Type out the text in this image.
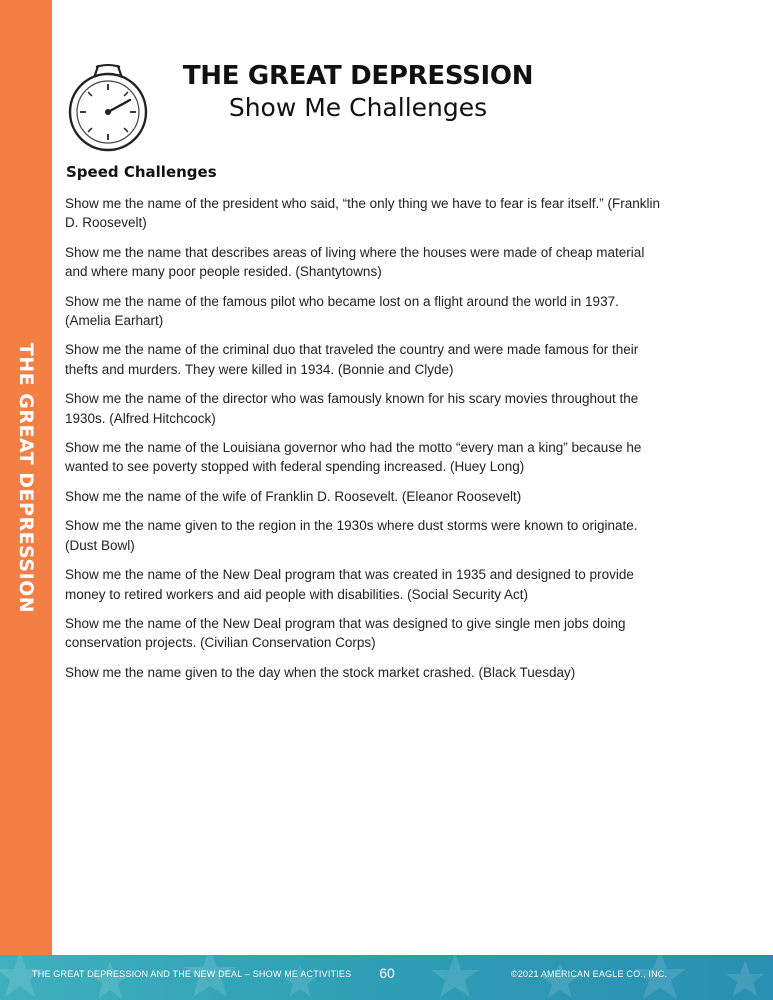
THE GREAT DEPRESSION
THE GREAT DEPRESSION
Show Me Challenges
Speed Challenges
Show me the name of the president who said, “the only thing we have to fear is fear itself.” (Franklin D. Roosevelt)
Show me the name that describes areas of living where the houses were made of cheap material and where many poor people resided. (Shantytowns)
Show me the name of the famous pilot who became lost on a flight around the world in 1937. (Amelia Earhart)
Show me the name of the criminal duo that traveled the country and were made famous for their thefts and murders. They were killed in 1934. (Bonnie and Clyde)
Show me the name of the director who was famously known for his scary movies throughout the 1930s. (Alfred Hitchcock)
Show me the name of the Louisiana governor who had the motto “every man a king” because he wanted to see poverty stopped with federal spending increased. (Huey Long)
Show me the name of the wife of Franklin D. Roosevelt. (Eleanor Roosevelt)
Show me the name given to the region in the 1930s where dust storms were known to originate. (Dust Bowl)
Show me the name of the New Deal program that was created in 1935 and designed to provide money to retired workers and aid people with disabilities. (Social Security Act)
Show me the name of the New Deal program that was designed to give single men jobs doing conservation projects. (Civilian Conservation Corps)
Show me the name given to the day when the stock market crashed. (Black Tuesday)
THE GREAT DEPRESSION AND THE NEW DEAL – SHOW ME ACTIVITIES	60	©2021 AMERICAN EAGLE CO., INC.
